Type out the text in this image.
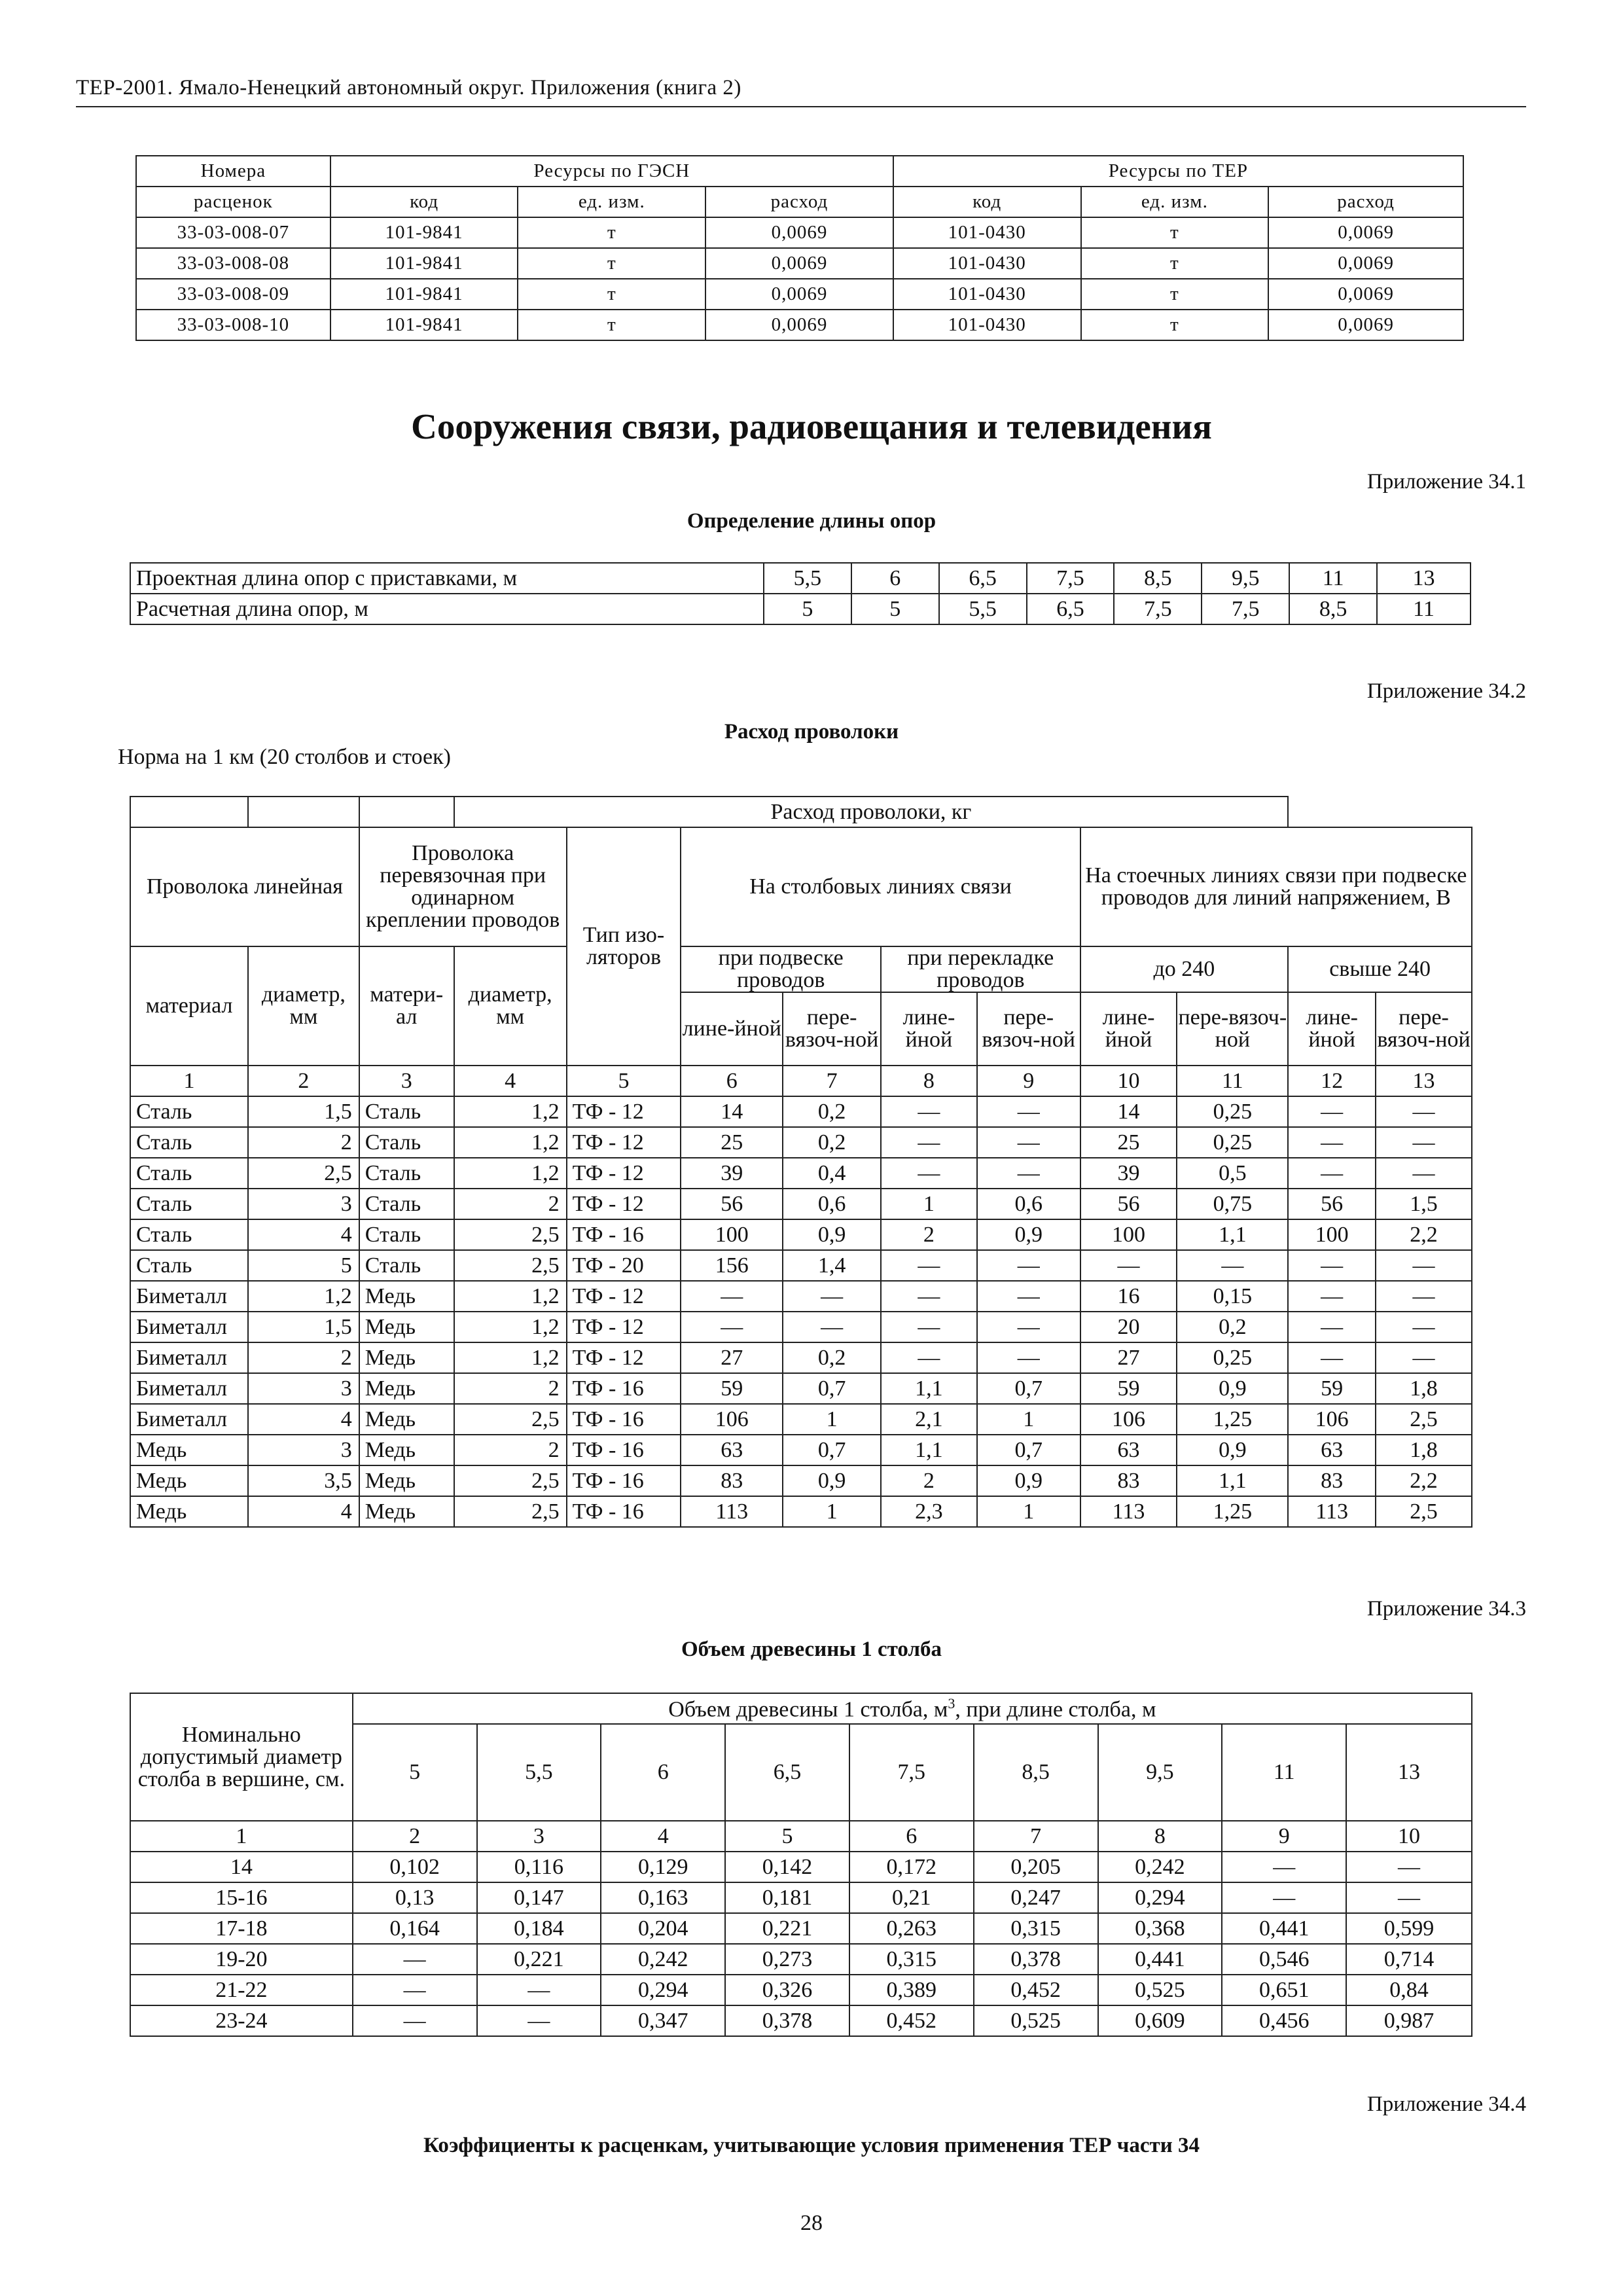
ТЕР-2001. Ямало-Ненецкий автономный округ. Приложения (книга 2)
Номера	Ресурсы по ГЭСН			Ресурсы по ТЕР		
расценок	код	ед. изм.	расход	код	ед. изм.	расход
33-03-008-07	101-9841	т	0,0069	101-0430	т	0,0069
33-03-008-08	101-9841	т	0,0069	101-0430	т	0,0069
33-03-008-09	101-9841	т	0,0069	101-0430	т	0,0069
33-03-008-10	101-9841	т	0,0069	101-0430	т	0,0069
Сооружения связи, радиовещания и телевидения
Приложение 34.1
Определение длины опор
Проектная длина опор с приставками, м	5,5	6	6,5	7,5	8,5	9,5	11	13
Расчетная длина опор, м	5	5	5,5	6,5	7,5	7,5	8,5	11
Приложение 34.2
Расход проволоки
Норма на 1 км (20 столбов и стоек)
			Расход проволоки, кг									
Проволока линейная		Проволока перевязочная при одинарном креплении проводов		Тип изо-ляторов	На столбовых линиях связи				На стоечных линиях связи при подвеске проводов для линий напряжением, В			
материал	диаметр, мм	матери-ал	диаметр, мм		при подвеске проводов		при перекладке проводов		до 240		свыше 240	
					лине-йной	пере-вязоч-ной	лине-йной	пере-вязоч-ной	лине-йной	пере-вязоч-ной	лине-йной	пере-вязоч-ной
1	2	3	4	5	6	7	8	9	10	11	12	13
Сталь	1,5	Сталь	1,2	ТФ - 12	14	0,2	—	—	14	0,25	—	—
Сталь	2	Сталь	1,2	ТФ - 12	25	0,2	—	—	25	0,25	—	—
Сталь	2,5	Сталь	1,2	ТФ - 12	39	0,4	—	—	39	0,5	—	—
Сталь	3	Сталь	2	ТФ - 12	56	0,6	1	0,6	56	0,75	56	1,5
Сталь	4	Сталь	2,5	ТФ - 16	100	0,9	2	0,9	100	1,1	100	2,2
Сталь	5	Сталь	2,5	ТФ - 20	156	1,4	—	—	—	—	—	—
Биметалл	1,2	Медь	1,2	ТФ - 12	—	—	—	—	16	0,15	—	—
Биметалл	1,5	Медь	1,2	ТФ - 12	—	—	—	—	20	0,2	—	—
Биметалл	2	Медь	1,2	ТФ - 12	27	0,2	—	—	27	0,25	—	—
Биметалл	3	Медь	2	ТФ - 16	59	0,7	1,1	0,7	59	0,9	59	1,8
Биметалл	4	Медь	2,5	ТФ - 16	106	1	2,1	1	106	1,25	106	2,5
Медь	3	Медь	2	ТФ - 16	63	0,7	1,1	0,7	63	0,9	63	1,8
Медь	3,5	Медь	2,5	ТФ - 16	83	0,9	2	0,9	83	1,1	83	2,2
Медь	4	Медь	2,5	ТФ - 16	113	1	2,3	1	113	1,25	113	2,5
Приложение 34.3
Объем древесины 1 столба
Номинально допустимый диаметр столба в вершине, см.	Объем древесины 1 столба, $м^3$, при длине столба, м								
	5	5,5	6	6,5	7,5	8,5	9,5	11	13
1	2	3	4	5	6	7	8	9	10
14	0,102	0,116	0,129	0,142	0,172	0,205	0,242	—	—
15-16	0,13	0,147	0,163	0,181	0,21	0,247	0,294	—	—
17-18	0,164	0,184	0,204	0,221	0,263	0,315	0,368	0,441	0,599
19-20	—	0,221	0,242	0,273	0,315	0,378	0,441	0,546	0,714
21-22	—	—	0,294	0,326	0,389	0,452	0,525	0,651	0,84
23-24	—	—	0,347	0,378	0,452	0,525	0,609	0,456	0,987
Приложение 34.4
Коэффициенты к расценкам, учитывающие условия применения ТЕР части 34
28
